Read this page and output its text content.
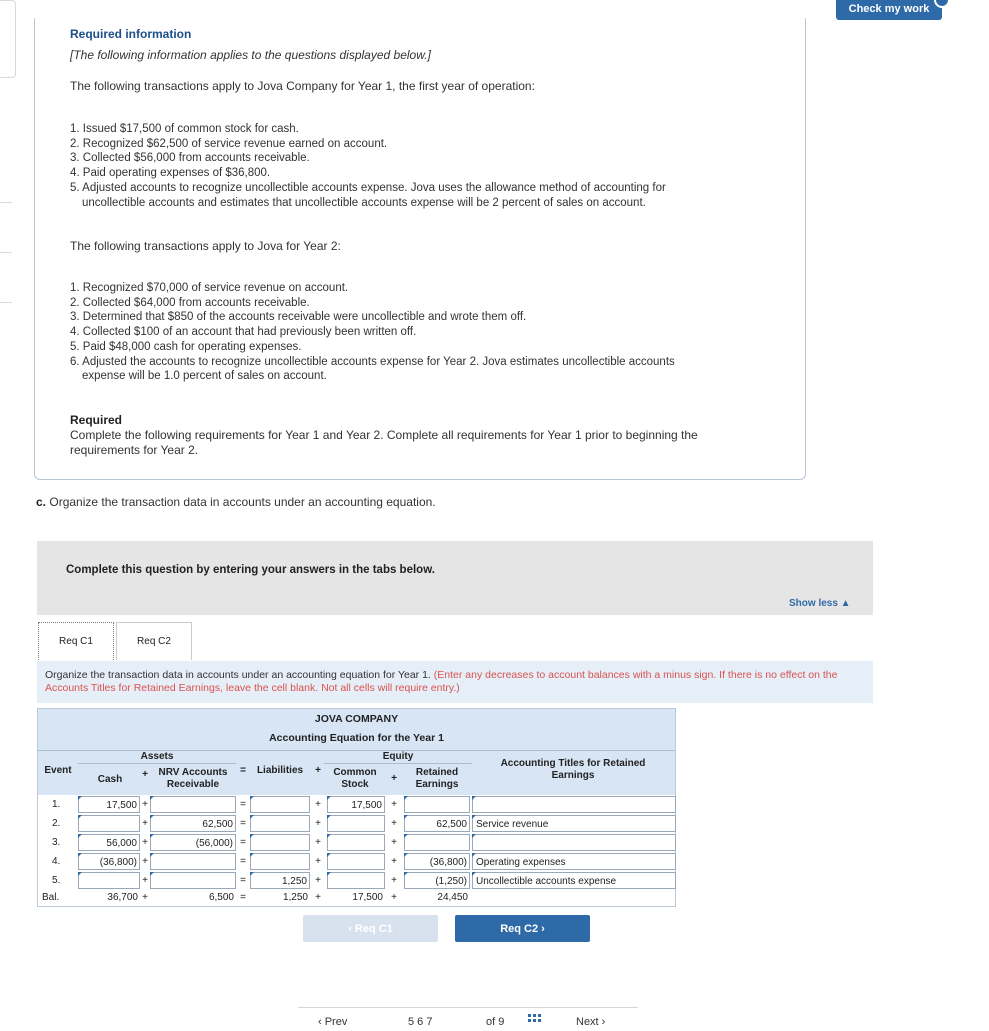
Check my work
Required information
[The following information applies to the questions displayed below.]
The following transactions apply to Jova Company for Year 1, the first year of operation:
1. Issued $17,500 of common stock for cash.
2. Recognized $62,500 of service revenue earned on account.
3. Collected $56,000 from accounts receivable.
4. Paid operating expenses of $36,800.
5. Adjusted accounts to recognize uncollectible accounts expense. Jova uses the allowance method of accounting for
uncollectible accounts and estimates that uncollectible accounts expense will be 2 percent of sales on account.
The following transactions apply to Jova for Year 2:
1. Recognized $70,000 of service revenue on account.
2. Collected $64,000 from accounts receivable.
3. Determined that $850 of the accounts receivable were uncollectible and wrote them off.
4. Collected $100 of an account that had previously been written off.
5. Paid $48,000 cash for operating expenses.
6. Adjusted the accounts to recognize uncollectible accounts expense for Year 2. Jova estimates uncollectible accounts
expense will be 1.0 percent of sales on account.
Required
Complete the following requirements for Year 1 and Year 2. Complete all requirements for Year 1 prior to beginning the requirements for Year 2.
c. Organize the transaction data in accounts under an accounting equation.
Complete this question by entering your answers in the tabs below.
Show less ▲
Req C1	Req C2
Organize the transaction data in accounts under an accounting equation for Year 1. (Enter any decreases to account balances with a minus sign. If there is no effect on the Accounts Titles for Retained Earnings, leave the cell blank. Not all cells will require entry.)
JOVA COMPANY
Accounting Equation for the Year 1
Assets	Equity
Event
Cash	+	NRV Accounts Receivable
=	Liabilities	+	Common Stock
+
Retained Earnings
Accounting Titles for Retained Earnings
1.	17,500 +	=	+	17,500 +
2.	+	62,500 =	+	+	62,500 Service revenue
3.	56,000 +	(56,000) =	+	+
4.	(36,800) +	=	+	+	(36,800) Operating expenses
5.	+	=	1,250 +	+	(1,250) Uncollectible accounts expense
Bal.	36,700 +	6,500 =	1,250 +	17,500 +	24,450
‹ Req C1	Req C2 ›
‹ Prev	5 6 7	of 9	Next ›
